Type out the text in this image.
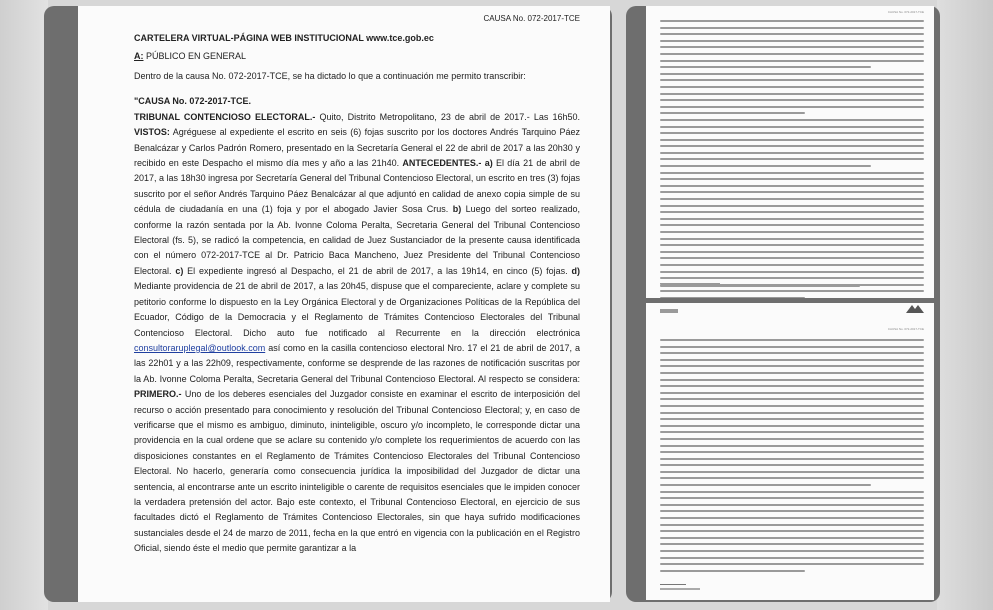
CAUSA No. 072-2017-TCE
CARTELERA VIRTUAL-PÁGINA WEB INSTITUCIONAL www.tce.gob.ec
A: PÚBLICO EN GENERAL

Dentro de la causa No. 072-2017-TCE, se ha dictado lo que a continuación me permito transcribir:

"CAUSA No. 072-2017-TCE.
TRIBUNAL CONTENCIOSO ELECTORAL.- Quito, Distrito Metropolitano, 23 de abril de 2017.- Las 16h50. VISTOS: Agréguese al expediente el escrito en seis (6) fojas suscrito por los doctores Andrés Tarquino Páez Benalcázar y Carlos Padrón Romero, presentado en la Secretaría General el 22 de abril de 2017 a las 20h30 y recibido en este Despacho el mismo día mes y año a las 21h40. ANTECEDENTES.- a) El día 21 de abril de 2017, a las 18h30 ingresa por Secretaría General del Tribunal Contencioso Electoral, un escrito en tres (3) fojas suscrito por el señor Andrés Tarquino Páez Benalcázar al que adjuntó en calidad de anexo copia simple de su cédula de ciudadanía en una (1) foja y por el abogado Javier Sosa Crus. b) Luego del sorteo realizado, conforme la razón sentada por la Ab. Ivonne Coloma Peralta, Secretaria General del Tribunal Contencioso Electoral (fs. 5), se radicó la competencia, en calidad de Juez Sustanciador de la presente causa identificada con el número 072-2017-TCE al Dr. Patricio Baca Mancheno, Juez Presidente del Tribunal Contencioso Electoral. c) El expediente ingresó al Despacho, el 21 de abril de 2017, a las 19h14, en cinco (5) fojas. d) Mediante providencia de 21 de abril de 2017, a las 20h45, dispuse que el compareciente, aclare y complete su petitorio conforme lo dispuesto en la Ley Orgánica Electoral y de Organizaciones Políticas de la República del Ecuador, Código de la Democracia y el Reglamento de Trámites Contencioso Electorales del Tribunal Contencioso Electoral. Dicho auto fue notificado al Recurrente en la dirección electrónica consultoraruplegal@outlook.com así como en la casilla contencioso electoral Nro. 17 el 21 de abril de 2017, a las 22h01 y a las 22h09, respectivamente, conforme se desprende de las razones de notificación suscritas por la Ab. Ivonne Coloma Peralta, Secretaria General del Tribunal Contencioso Electoral. Al respecto se considera: PRIMERO.- Uno de los deberes esenciales del Juzgador consiste en examinar el escrito de interposición del recurso o acción presentado para conocimiento y resolución del Tribunal Contencioso Electoral; y, en caso de verificarse que el mismo es ambiguo, diminuto, ininteligible, oscuro y/o incompleto, le corresponde dictar una providencia en la cual ordene que se aclare su contenido y/o complete los requerimientos de acuerdo con las disposiciones constantes en el Reglamento de Trámites Contencioso Electorales del Tribunal Contencioso Electoral. No hacerlo, generaría como consecuencia jurídica la imposibilidad del Juzgador de dictar una sentencia, al encontrarse ante un escrito ininteligible o carente de requisitos esenciales que le impiden conocer la verdadera pretensión del actor. Bajo este contexto, el Tribunal Contencioso Electoral, en ejercicio de sus facultades dictó el Reglamento de Trámites Contencioso Electorales, sin que haya sufrido modificaciones sustanciales desde el 24 de marzo de 2011, fecha en la que entró en vigencia con la publicación en el Registro Oficial, siendo éste el medio que permite garantizar a la

CAUSA No. 072-2017-TCE
CAUSA No. 072-2017-TCE
